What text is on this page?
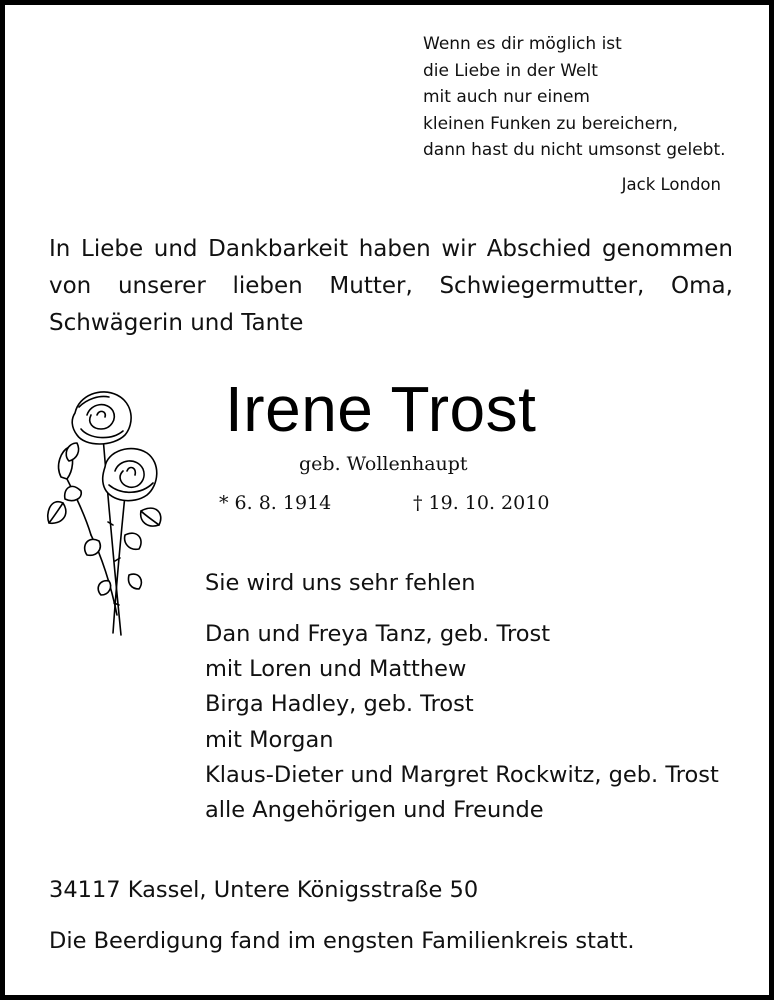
Wenn es dir möglich ist
die Liebe in der Welt
mit auch nur einem
kleinen Funken zu bereichern,
dann hast du nicht umsonst gelebt.
Jack London
In Liebe und Dankbarkeit haben wir Abschied genommen
von unserer lieben Mutter, Schwiegermutter, Oma,
Schwägerin und Tante
Irene Trost
geb. Wollenhaupt
* 6. 8. 1914	† 19. 10. 2010
Sie wird uns sehr fehlen
Dan und Freya Tanz, geb. Trost
mit Loren und Matthew
Birga Hadley, geb. Trost
mit Morgan
Klaus-Dieter und Margret Rockwitz, geb. Trost
alle Angehörigen und Freunde
34117 Kassel, Untere Königsstraße 50
Die Beerdigung fand im engsten Familienkreis statt.
